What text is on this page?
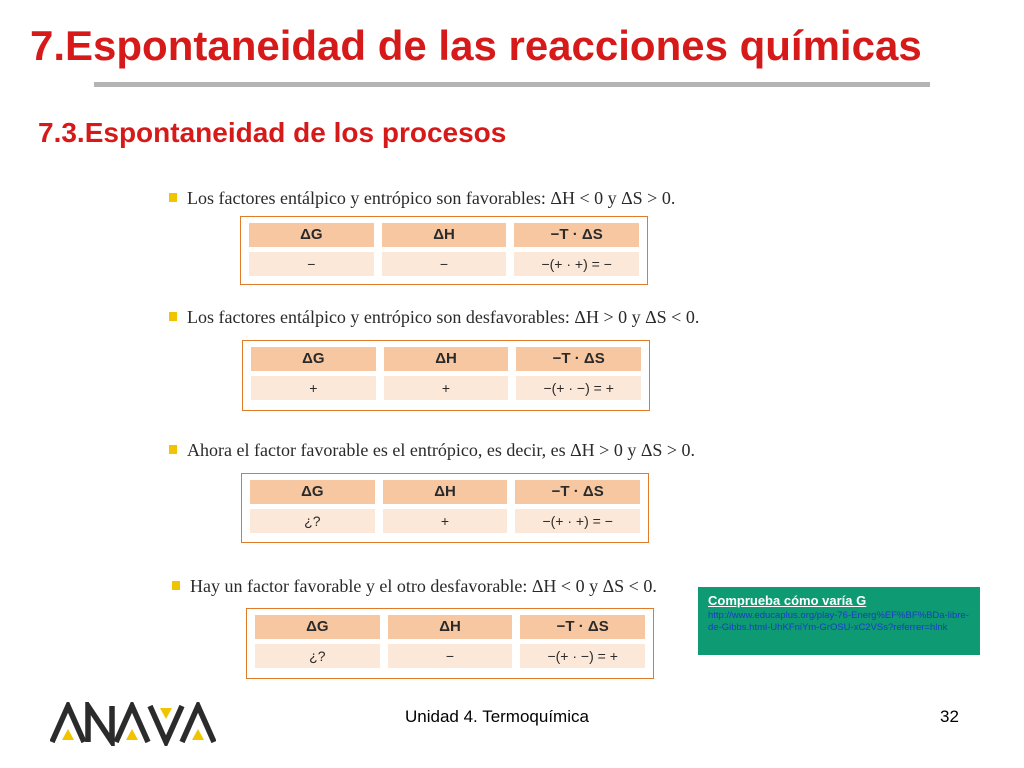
7.Espontaneidad de las reacciones químicas
7.3.Espontaneidad de los procesos
Los factores entálpico y entrópico son favorables: ΔH < 0 y ΔS > 0.
ΔG	ΔH	−T · ΔS
−	−	−(+ · +) = −
Los factores entálpico y entrópico son desfavorables: ΔH > 0 y ΔS < 0.
ΔG	ΔH	−T · ΔS
+	+	−(+ · −) = +
Ahora el factor favorable es el entrópico, es decir, es ΔH > 0 y ΔS > 0.
ΔG	ΔH	−T · ΔS
¿?	+	−(+ · +) = −
Hay un factor favorable y el otro desfavorable: ΔH < 0 y ΔS < 0.
ΔG	ΔH	−T · ΔS
¿?	−	−(+ · −) = +
Comprueba cómo varía G
http://www.educaplus.org/play-76-Energ%EF%BF%BDa-libre-de-Gibbs.html-UhKFniYm-GrOSU-xC2VSs?referrer=hlnk
Unidad 4. Termoquímica	32
